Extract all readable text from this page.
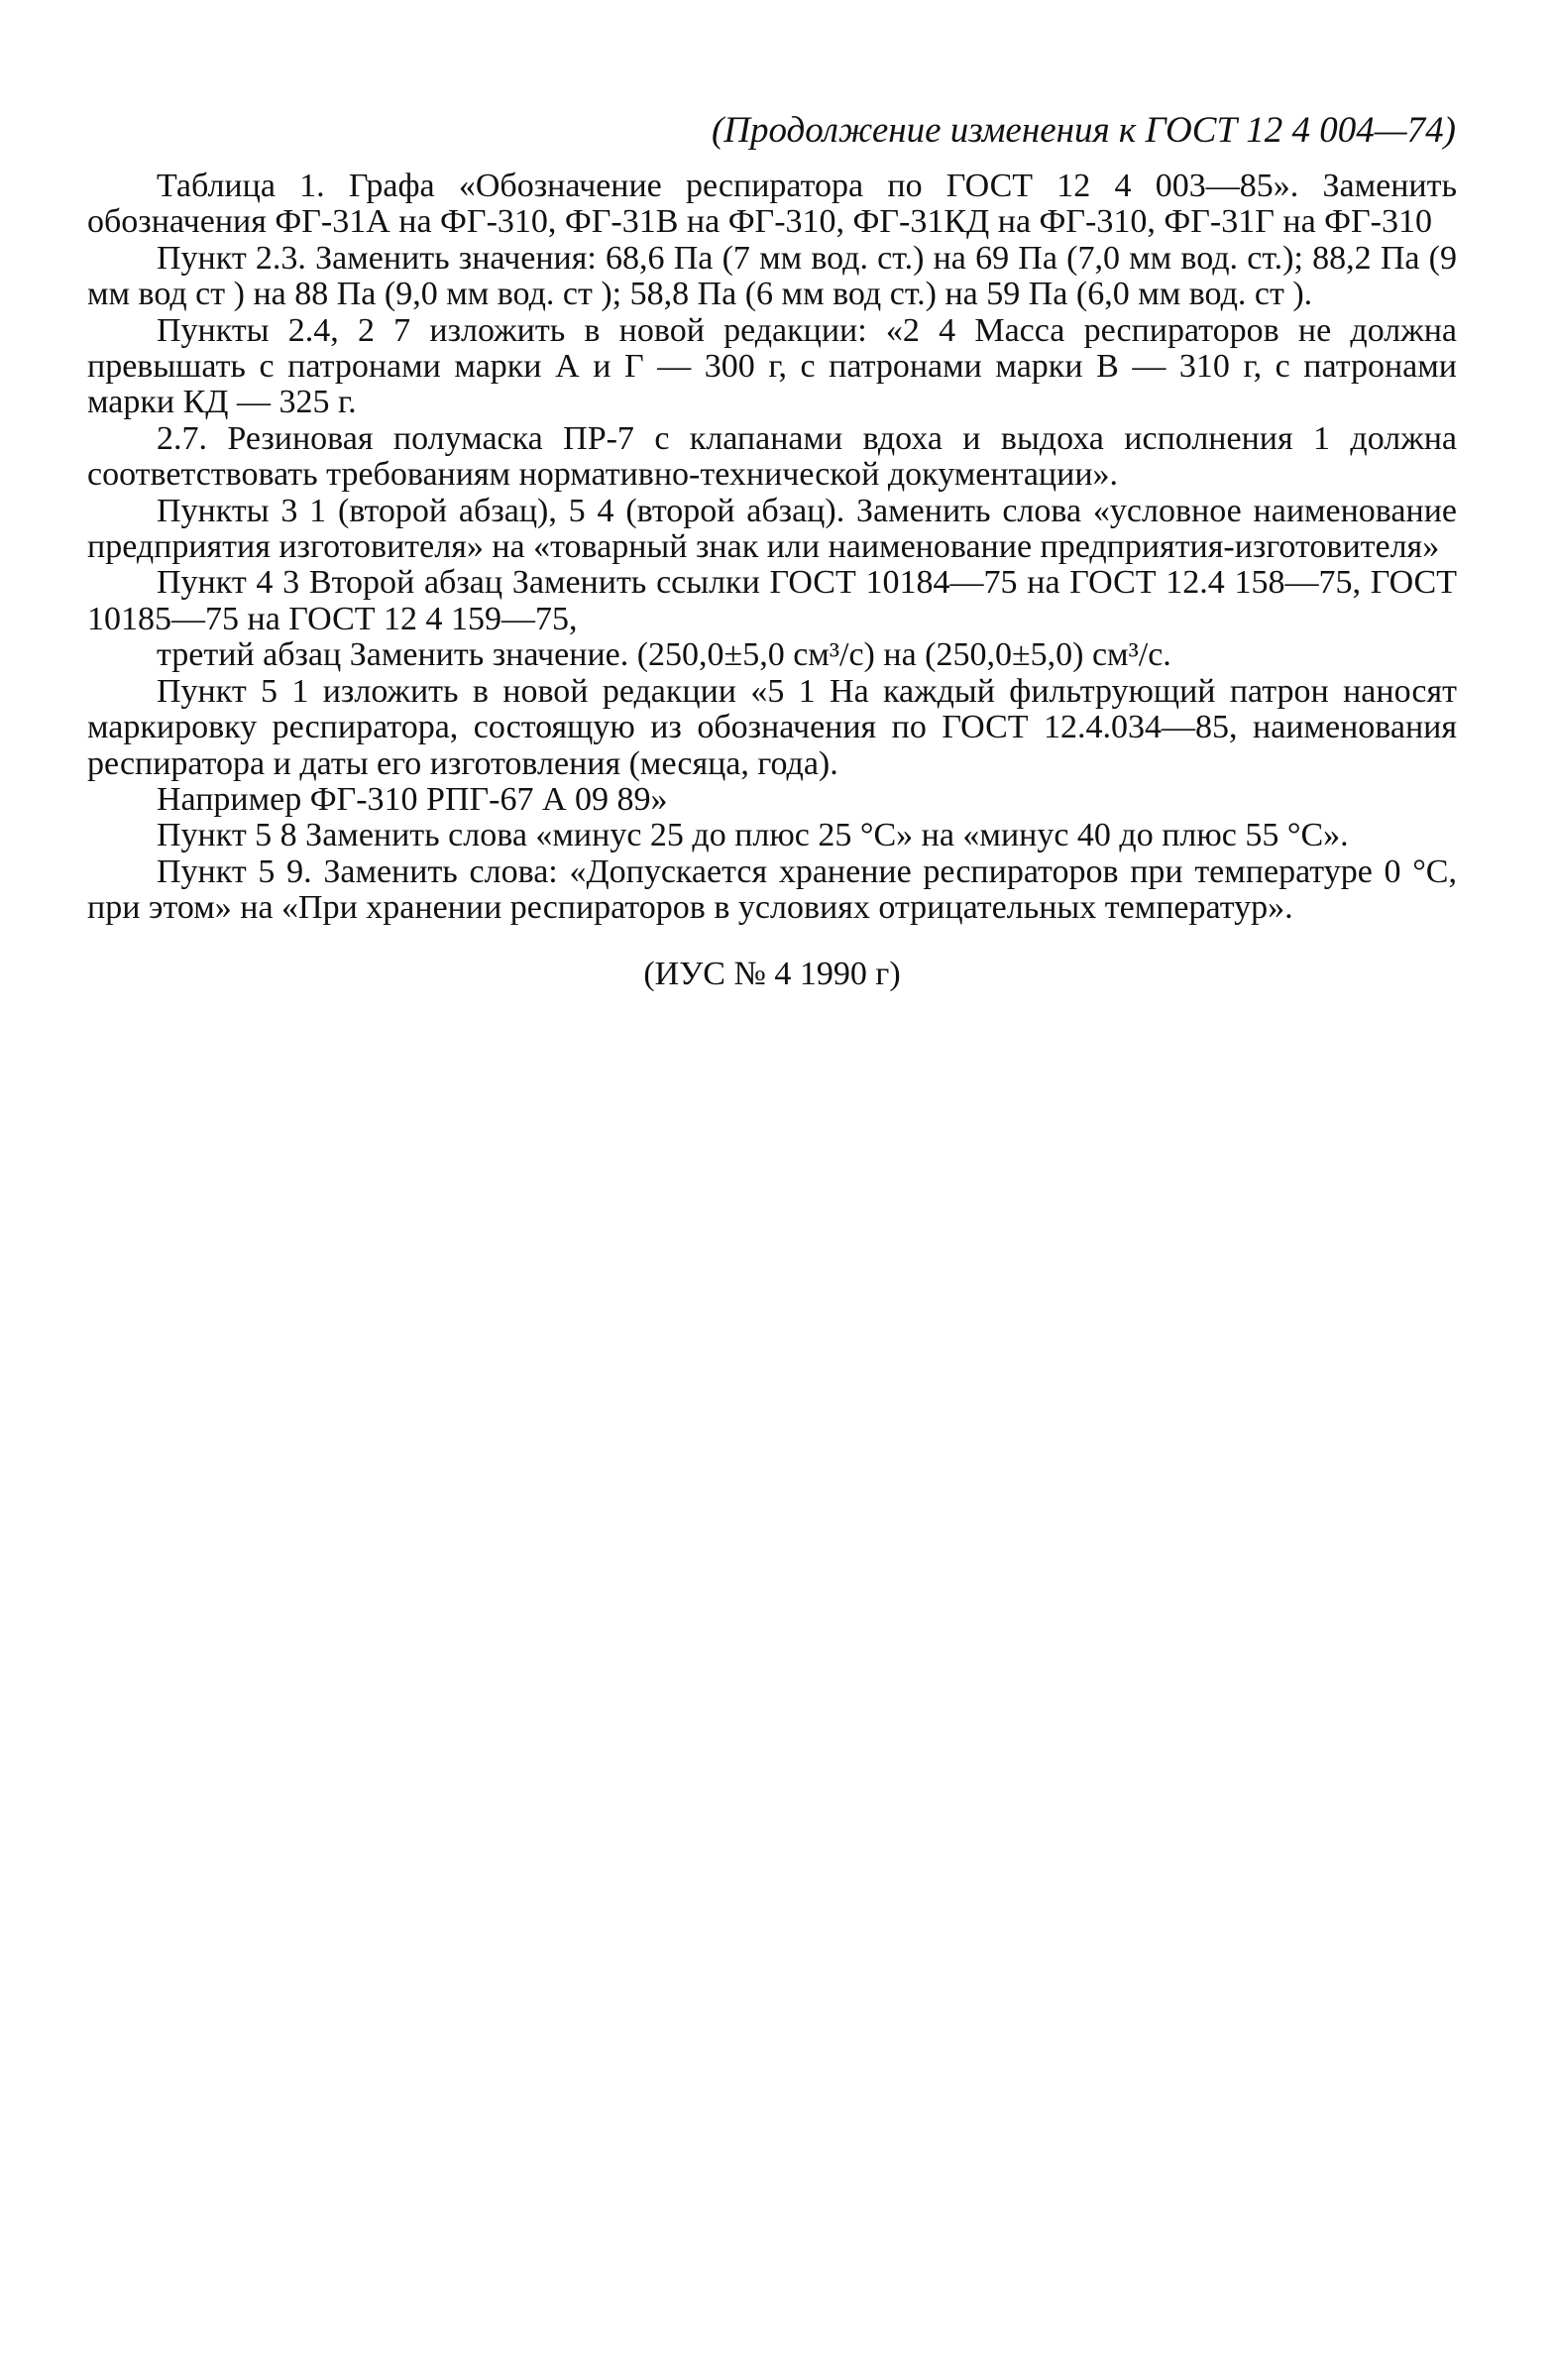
(Продолжение изменения к ГОСТ 12 4 004—74)

Таблица 1. Графа «Обозначение респиратора по ГОСТ 12 4 003—85». Заменить обозначения ФГ-31А на ФГ-310, ФГ-31В на ФГ-310, ФГ-31КД на ФГ-310, ФГ-31Г на ФГ-310

Пункт 2.3. Заменить значения: 68,6 Па (7 мм вод. ст.) на 69 Па (7,0 мм вод. ст.); 88,2 Па (9 мм вод ст ) на 88 Па (9,0 мм вод. ст ); 58,8 Па (6 мм вод ст.) на 59 Па (6,0 мм вод. ст ).

Пункты 2.4, 2 7 изложить в новой редакции: «2 4 Масса респираторов не должна превышать с патронами марки А и Г — 300 г, с патронами марки В — 310 г, с патронами марки КД — 325 г.

2.7. Резиновая полумаска ПР-7 с клапанами вдоха и выдоха исполнения 1 должна соответствовать требованиям нормативно-технической документации».

Пункты 3 1 (второй абзац), 5 4 (второй абзац). Заменить слова «условное наименование предприятия изготовителя» на «товарный знак или наименование предприятия-изготовителя»

Пункт 4 3 Второй абзац Заменить ссылки ГОСТ 10184—75 на ГОСТ 12.4 158—75, ГОСТ 10185—75 на ГОСТ 12 4 159—75,

третий абзац Заменить значение. (250,0±5,0 см³/с) на (250,0±5,0) см³/с.

Пункт 5 1 изложить в новой редакции «5 1 На каждый фильтрующий патрон наносят маркировку респиратора, состоящую из обозначения по ГОСТ 12.4.034—85, наименования респиратора и даты его изготовления (месяца, года).

Например ФГ-310 РПГ-67 А 09 89»

Пункт 5 8 Заменить слова «минус 25 до плюс 25 °С» на «минус 40 до плюс 55 °С».

Пункт 5 9. Заменить слова: «Допускается хранение респираторов при температуре 0 °С, при этом» на «При хранении респираторов в условиях отрицательных температур».

(ИУС № 4 1990 г)
